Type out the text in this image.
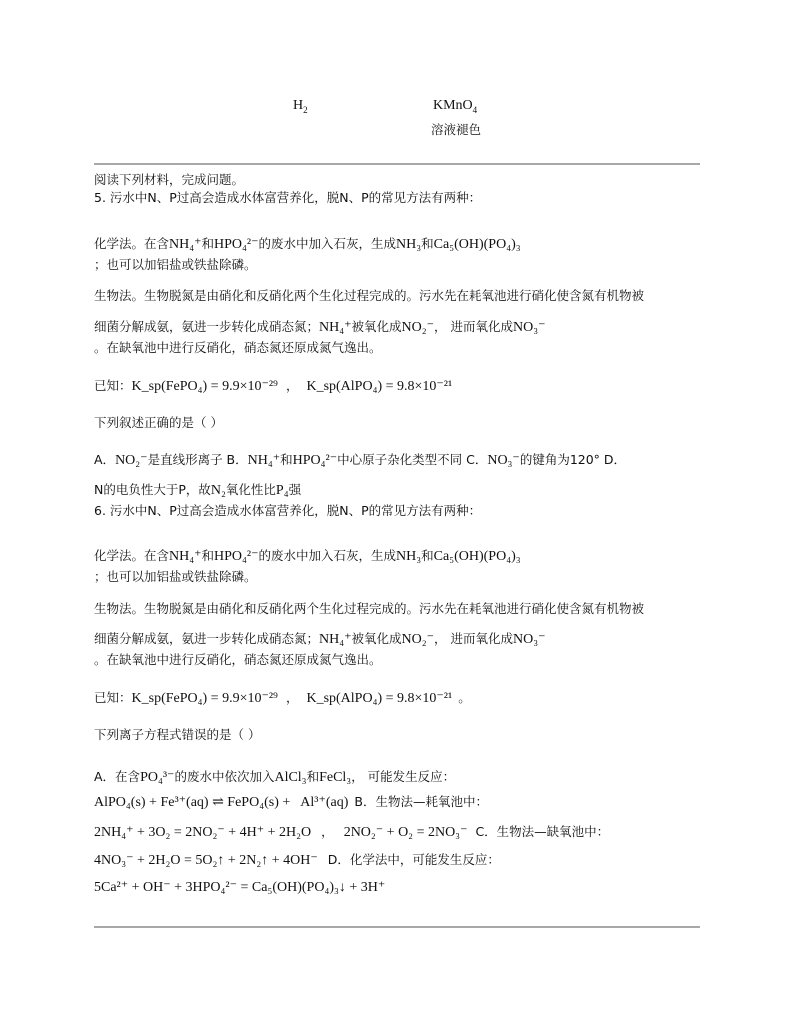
$H_2$	KMnO$_4$
溶液褪色
阅读下列材料，完成问题。
5. 污水中N、P过高会造成水体富营养化，脱N、P的常见方法有两种：
化学法。在含NH₄⁺和HPO₄²⁻的废水中加入石灰，生成NH₃和Ca₅(OH)(PO₄)₃
；也可以加铝盐或铁盐除磷。
生物法。生物脱氮是由硝化和反硝化两个生化过程完成的。污水先在耗氧池进行硝化使含氮有机物被
细菌分解成氨，氨进一步转化成硝态氮；NH₄⁺被氧化成NO₂⁻， 进而氧化成NO₃⁻
。在缺氧池中进行反硝化，硝态氮还原成氮气逸出。
已知：K_sp(FePO₄) = 9.9×10⁻²⁹ ， K_sp(AlPO₄) = 9.8×10⁻²¹
下列叙述正确的是（ ）
A．NO₂⁻是直线形离子 B．NH₄⁺和HPO₄²⁻中心原子杂化类型不同 C．NO₃⁻的键角为120° D．
N的电负性大于P，故N₂氧化性比P₄强
6. 污水中N、P过高会造成水体富营养化，脱N、P的常见方法有两种：
化学法。在含NH₄⁺和HPO₄²⁻的废水中加入石灰，生成NH₃和Ca₅(OH)(PO₄)₃
；也可以加铝盐或铁盐除磷。
生物法。生物脱氮是由硝化和反硝化两个生化过程完成的。污水先在耗氧池进行硝化使含氮有机物被
细菌分解成氨，氨进一步转化成硝态氮；NH₄⁺被氧化成NO₂⁻， 进而氧化成NO₃⁻
。在缺氧池中进行反硝化，硝态氮还原成氮气逸出。
已知：K_sp(FePO₄) = 9.9×10⁻²⁹ ， K_sp(AlPO₄) = 9.8×10⁻²¹ 。
下列离子方程式错误的是（ ）
A．在含PO₄³⁻的废水中依次加入AlCl₃和FeCl₃， 可能发生反应：
AlPO₄(s) + Fe³⁺(aq) ⇌ FePO₄(s) + Al³⁺(aq) B．生物法—耗氧池中：
2NH₄⁺ + 3O₂ = 2NO₂⁻ + 4H⁺ + 2H₂O ， 2NO₂⁻ + O₂ = 2NO₃⁻ C．生物法—缺氧池中：
4NO₃⁻ + 2H₂O = 5O₂↑ + 2N₂↑ + 4OH⁻ D．化学法中，可能发生反应：
5Ca²⁺ + OH⁻ + 3HPO₄²⁻ = Ca₅(OH)(PO₄)₃↓ + 3H⁺
